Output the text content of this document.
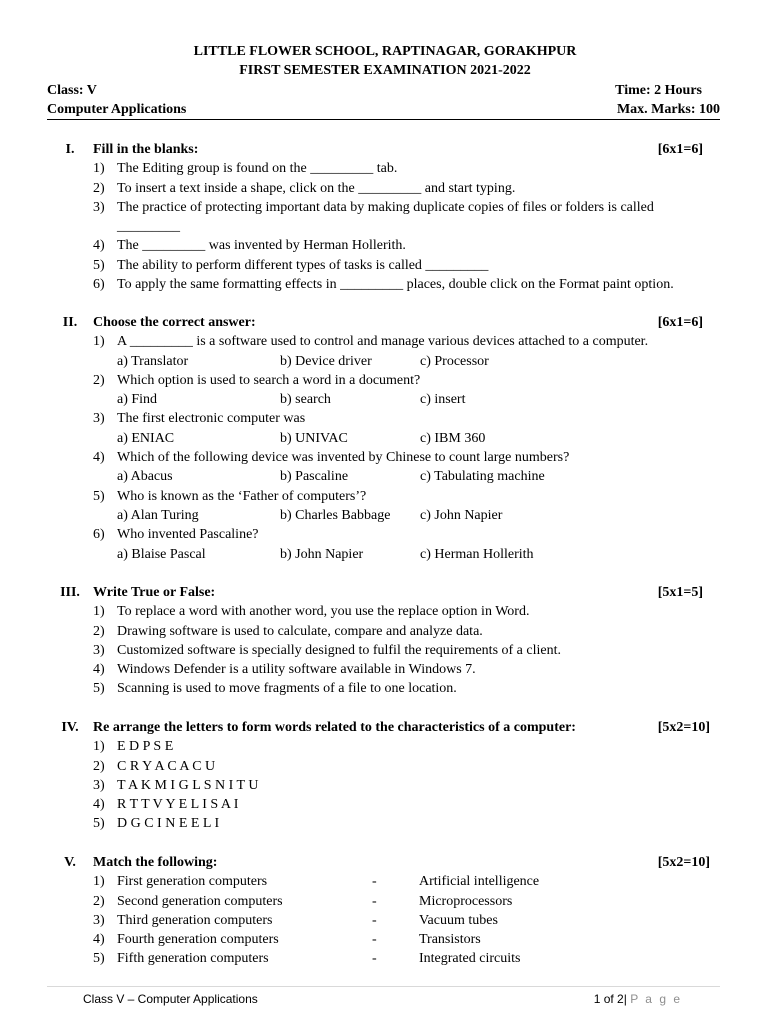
LITTLE FLOWER SCHOOL, RAPTINAGAR, GORAKHPUR
FIRST SEMESTER EXAMINATION 2021-2022
Class: V	Time: 2 Hours
Computer Applications	Max. Marks: 100
I.	Fill in the blanks:	[6x1=6]
1) The Editing group is found on the _________ tab.
2) To insert a text inside a shape, click on the _________ and start typing.
3) The practice of protecting important data by making duplicate copies of files or folders is called
_________
4) The _________ was invented by Herman Hollerith.
5) The ability to perform different types of tasks is called _________
6) To apply the same formatting effects in _________ places, double click on the Format paint option.
II.	Choose the correct answer:	[6x1=6]
1) A _________ is a software used to control and manage various devices attached to a computer.
a) Translator	b) Device driver	c) Processor
2) Which option is used to search a word in a document?
a) Find	b) search	c) insert
3) The first electronic computer was
a) ENIAC	b) UNIVAC	c) IBM 360
4) Which of the following device was invented by Chinese to count large numbers?
a) Abacus	b) Pascaline	c) Tabulating machine
5) Who is known as the ‘Father of computers’?
a) Alan Turing	b) Charles Babbage c) John Napier
6) Who invented Pascaline?
a) Blaise Pascal	b) John Napier	c) Herman Hollerith
III. Write True or False:	[5x1=5]
1) To replace a word with another word, you use the replace option in Word.
2) Drawing software is used to calculate, compare and analyze data.
3) Customized software is specially designed to fulfil the requirements of a client.
4) Windows Defender is a utility software available in Windows 7.
5) Scanning is used to move fragments of a file to one location.
IV.	Re arrange the letters to form words related to the characteristics of a computer:	[5x2=10]
1) E D P S E
2) C R Y A C A C U
3) T A K M I G L S N I T U
4) R T T V Y E L I S A I
5) D G C I N E E L I
V.	Match the following:	[5x2=10]
1) First generation computers	-	Artificial intelligence
2) Second generation computers	-	Microprocessors
3) Third generation computers	-	Vacuum tubes
4) Fourth generation computers	-	Transistors
5) Fifth generation computers	-	Integrated circuits
Class V – Computer Applications	1 of 2| P a g e
